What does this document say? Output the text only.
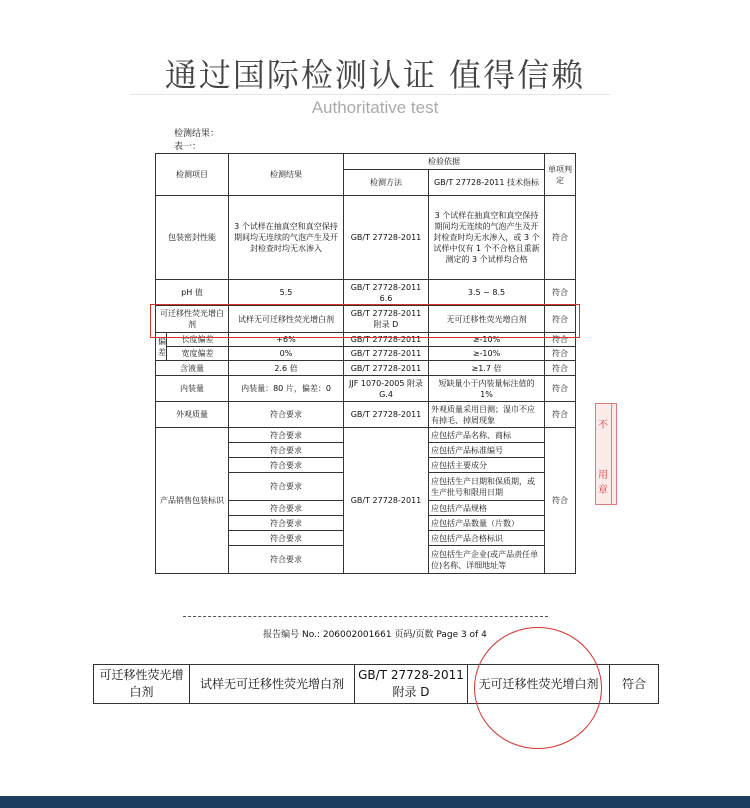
通过国际检测认证 值得信赖
Authoritative test
检测结果：
表一：
检测项目		检测结果	检验依据		单项判定
			检测方法	GB/T 27728-2011 技术指标	
包装密封性能		3 个试样在抽真空和真空保持期间均无连续的气泡产生及开封检查时均无水渗入	GB/T 27728-2011	3 个试样在抽真空和真空保持期间均无连续的气泡产生及开封检查时均无水渗入，或 3 个试样中仅有 1 个不合格且重新测定的 3 个试样均合格	符合
pH 值		5.5	GB/T 27728-2011 6.6	3.5 ~ 8.5	符合
可迁移性荧光增白剂		试样无可迁移性荧光增白剂	GB/T 27728-2011 附录 D	无可迁移性荧光增白剂	符合
偏差	长度偏差	+6%	GB/T 27728-2011	≥-10%	符合
	宽度偏差	0%	GB/T 27728-2011	≥-10%	符合
含液量		2.6 倍	GB/T 27728-2011	≥1.7 倍	符合
内装量		内装量：80 片，偏差：0	JJF 1070-2005 附录 G.4	短缺量小于内装量标注值的 1%	符合
外观质量		符合要求	GB/T 27728-2011	外观质量采用目测；湿巾不应有掉毛、掉屑现象	符合
产品销售包装标识		符合要求	GB/T 27728-2011	应包括产品名称、商标	符合
		符合要求		应包括产品标准编号	
		符合要求		应包括主要成分	
		符合要求		应包括生产日期和保质期，或生产批号和限用日期	
		符合要求		应包括产品规格	
		符合要求		应包括产品数量（片数）	
		符合要求		应包括产品合格标识	
		符合要求		应包括生产企业(或产品责任单位)名称、详细地址等	
不
用章
报告编号 No.: 206002001661 页码/页数 Page 3 of 4
可迁移性荧光增白剂	试样无可迁移性荧光增白剂	GB/T 27728-2011 附录 D	无可迁移性荧光增白剂	符合
